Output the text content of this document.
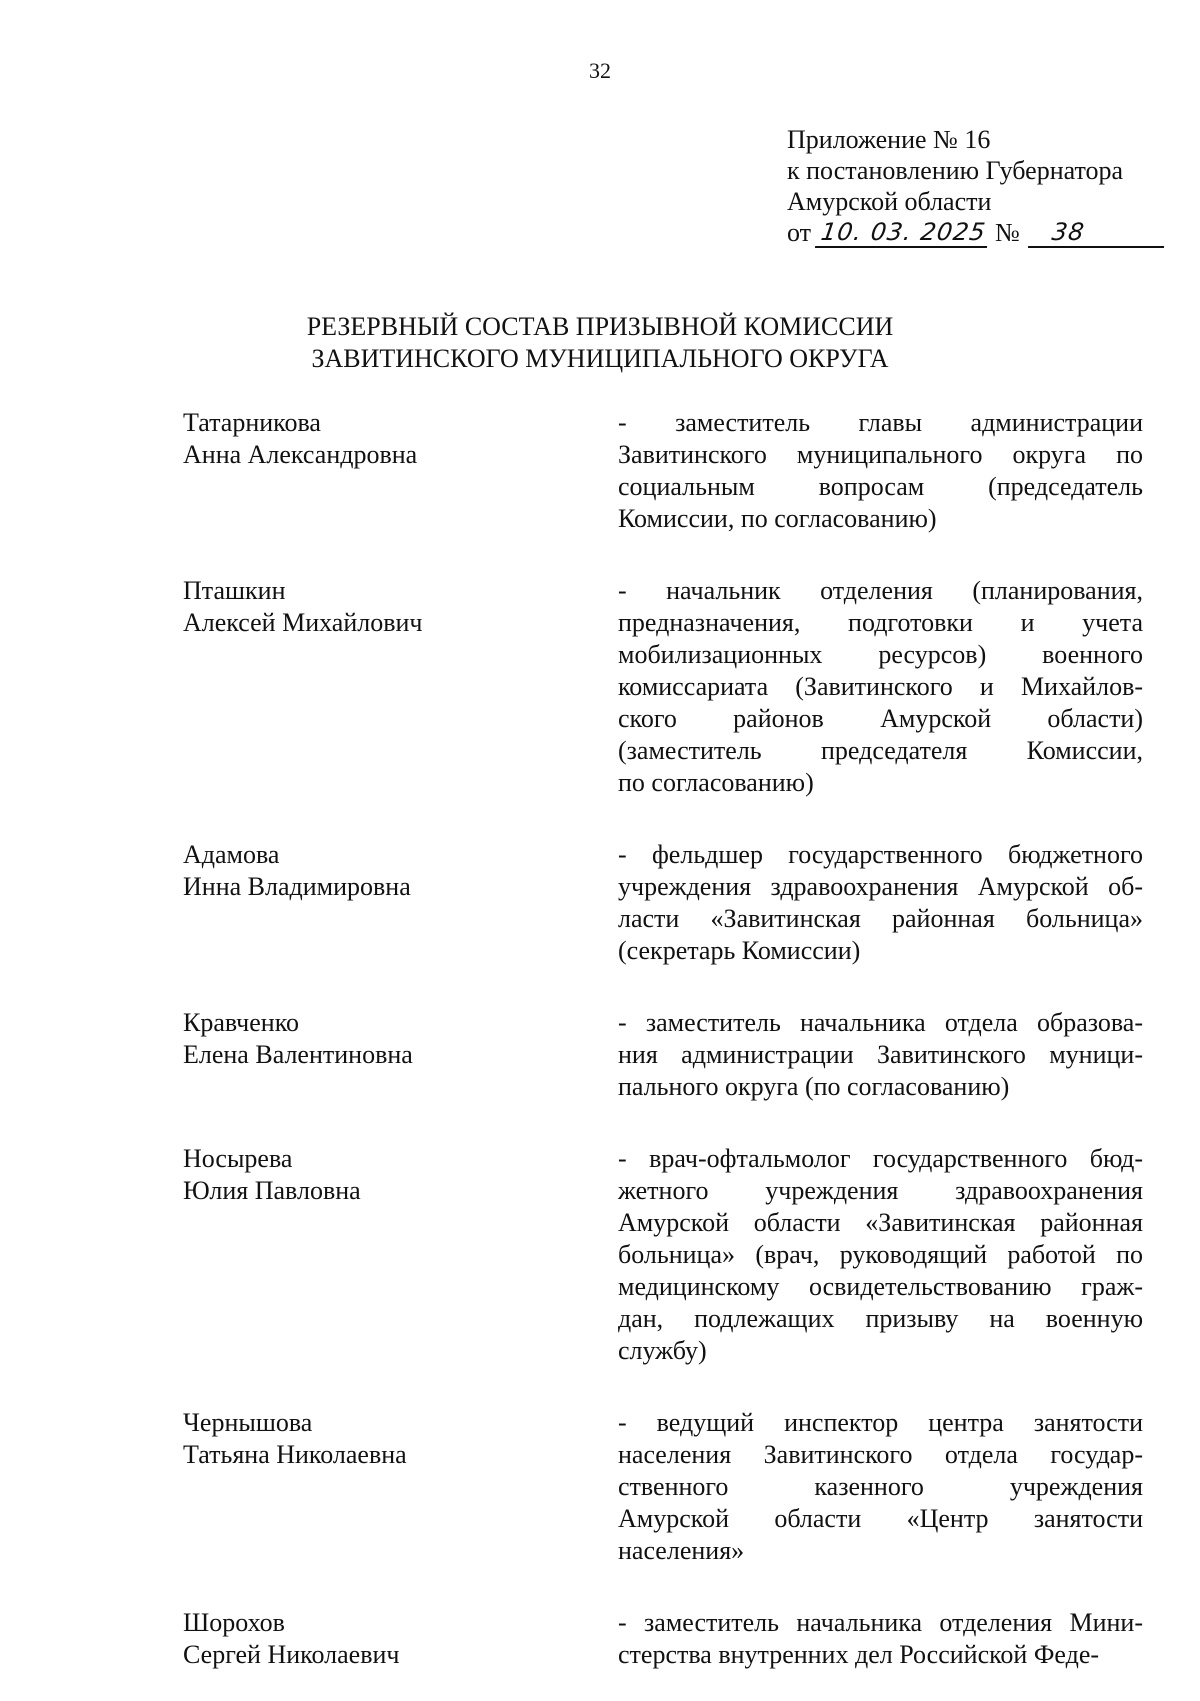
32
Приложение № 16
к постановлению Губернатора
Амурской области
от 10. 03. 2025 №	38
РЕЗЕРВНЫЙ СОСТАВ ПРИЗЫВНОЙ КОМИССИИ
ЗАВИТИНСКОГО МУНИЦИПАЛЬНОГО ОКРУГА
Татарникова
Анна Александровна
- заместитель главы администрации
Завитинского муниципального округа по
социальным вопросам (председатель
Комиссии, по согласованию)
Пташкин
Алексей Михайлович
- начальник отделения (планирования,
предназначения, подготовки и учета
мобилизационных ресурсов) военного
комиссариата (Завитинского и Михайлов-
ского районов Амурской области)
(заместитель председателя Комиссии,
по согласованию)
Адамова
Инна Владимировна
- фельдшер государственного бюджетного
учреждения здравоохранения Амурской об-
ласти «Завитинская районная больница»
(секретарь Комиссии)
Кравченко
Елена Валентиновна
- заместитель начальника отдела образова-
ния администрации Завитинского муници-
пального округа (по согласованию)
Носырева
Юлия Павловна
- врач-офтальмолог государственного бюд-
жетного учреждения здравоохранения
Амурской области «Завитинская районная
больница» (врач, руководящий работой по
медицинскому освидетельствованию граж-
дан, подлежащих призыву на военную
службу)
Чернышова
Татьяна Николаевна
- ведущий инспектор центра занятости
населения Завитинского отдела государ-
ственного казенного учреждения
Амурской области «Центр занятости
населения»
Шорохов
Сергей Николаевич
- заместитель начальника отделения Мини-
стерства внутренних дел Российской Феде-
